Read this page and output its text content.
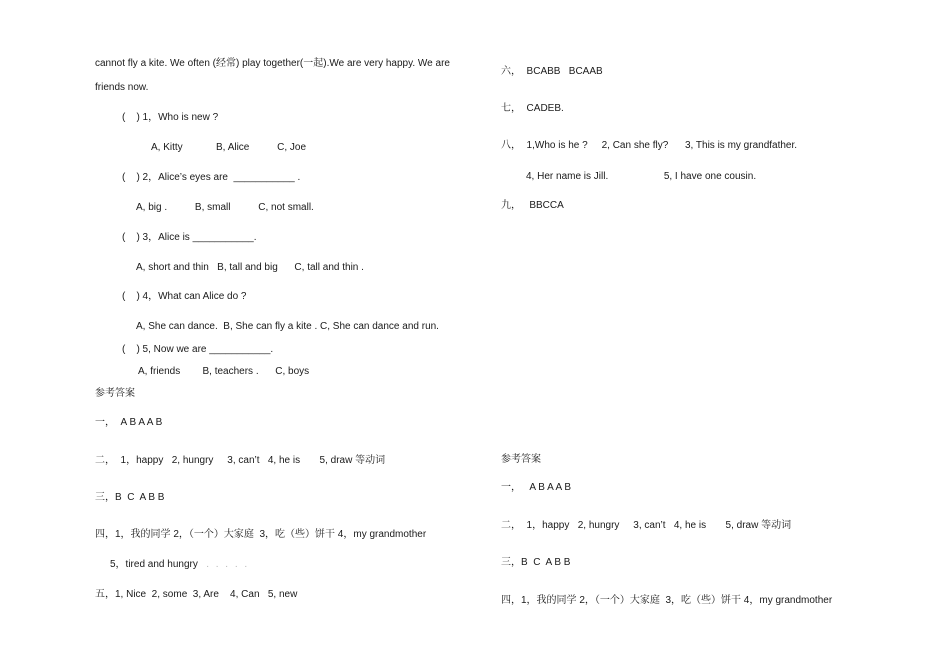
cannot fly a kite. We often (经常) play together(一起).We are very happy. We are
friends now.
(    ) 1，Who is new ?
A, Kitty            B, Alice          C, Joe
(    ) 2，Alice’s eyes are  ___________ .
A, big .          B, small          C, not small.
(    ) 3，Alice is ___________.
A, short and thin   B, tall and big      C, tall and thin .
(    ) 4，What can Alice do ?
A, She can dance.  B, She can fly a kite . C, She can dance and run.
(    ) 5, Now we are ___________.
A, friends        B, teachers .      C, boys
参考答案
一，  A B A A B
二，  1，happy   2, hungry     3, can’t   4, he is       5, draw 等动词
三，B  C  A B B
四，1，我的同学 2，（一个）大家庭  3，吃（些）饼干 4，my grandmother
5，tired and hungry . . . . .
五，1, Nice  2, some  3, Are    4, Can   5, new
六，  BCABB   BCAAB
七，  CADEB.
八，  1,Who is he ?     2, Can she fly?      3, This is my grandfather.
4, Her name is Jill.                    5, I have one cousin.
九，   BBCCA
参考答案
一，   A B A A B
二，  1，happy   2, hungry     3, can’t   4, he is       5, draw 等动词
三，B  C  A B B
四，1，我的同学 2，（一个）大家庭  3，吃（些）饼干 4，my grandmother
